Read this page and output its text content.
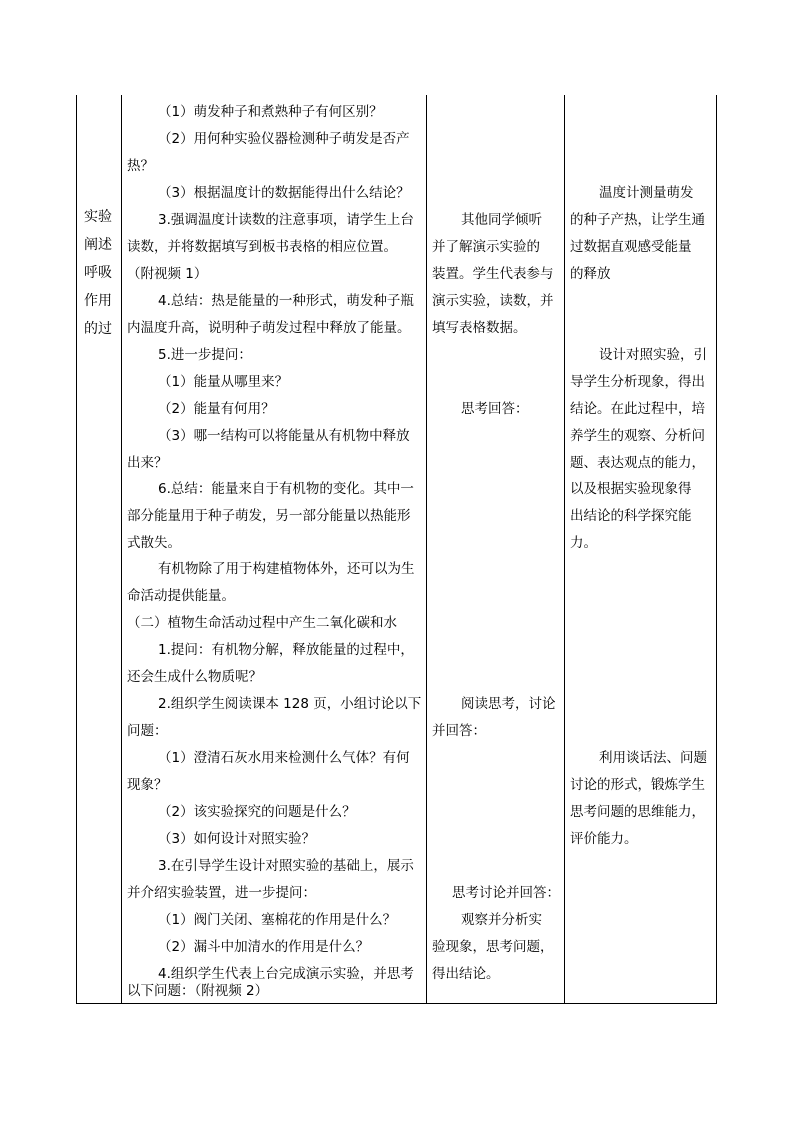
实验
阐述
呼吸
作用
的过
（1）萌发种子和煮熟种子有何区别？
（2）用何种实验仪器检测种子萌发是否产
热？
（3）根据温度计的数据能得出什么结论？
3.强调温度计读数的注意事项，请学生上台
读数，并将数据填写到板书表格的相应位置。
（附视频 1）
4.总结：热是能量的一种形式，萌发种子瓶
内温度升高，说明种子萌发过程中释放了能量。
5.进一步提问：
（1）能量从哪里来？
（2）能量有何用？
（3）哪一结构可以将能量从有机物中释放
出来？
6.总结：能量来自于有机物的变化。其中一
部分能量用于种子萌发，另一部分能量以热能形
式散失。
有机物除了用于构建植物体外，还可以为生
命活动提供能量。
（二）植物生命活动过程中产生二氧化碳和水
1.提问：有机物分解，释放能量的过程中，
还会生成什么物质呢？
2.组织学生阅读课本 128 页，小组讨论以下
问题：
（1）澄清石灰水用来检测什么气体？有何
现象？
（2）该实验探究的问题是什么？
（3）如何设计对照实验？
3.在引导学生设计对照实验的基础上，展示
并介绍实验装置，进一步提问：
（1）阀门关闭、塞棉花的作用是什么？
（2）漏斗中加清水的作用是什么？
4.组织学生代表上台完成演示实验，并思考
以下问题：（附视频 2）
其他同学倾听
并了解演示实验的
装置。学生代表参与
演示实验，读数，并
填写表格数据。
思考回答：
阅读思考，讨论
并回答：
思考讨论并回答：
观察并分析实
验现象，思考问题，
得出结论。
温度计测量萌发
的种子产热，让学生通
过数据直观感受能量
的释放
设计对照实验，引
导学生分析现象，得出
结论。在此过程中，培
养学生的观察、分析问
题、表达观点的能力，
以及根据实验现象得
出结论的科学探究能
力。
利用谈话法、问题
讨论的形式，锻炼学生
思考问题的思维能力，
评价能力。
